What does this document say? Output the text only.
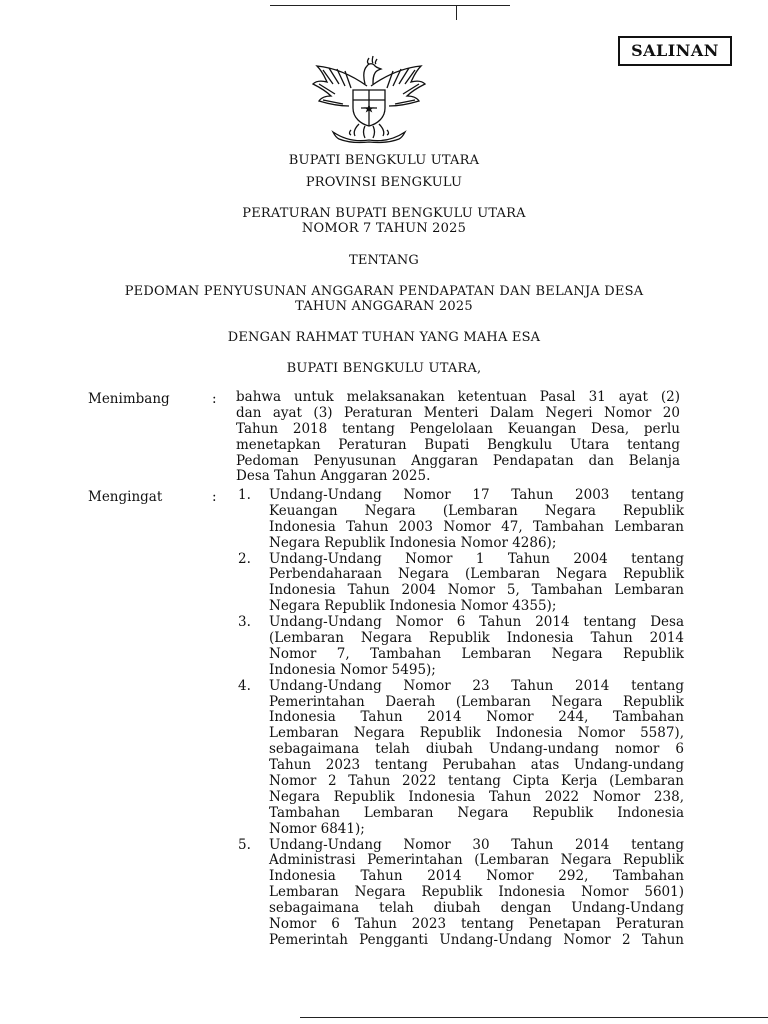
SALINAN
BUPATI BENGKULU UTARA
PROVINSI BENGKULU
PERATURAN BUPATI BENGKULU UTARA
NOMOR 7 TAHUN 2025
TENTANG
PEDOMAN PENYUSUNAN ANGGARAN PENDAPATAN DAN BELANJA DESA
TAHUN ANGGARAN 2025
DENGAN RAHMAT TUHAN YANG MAHA ESA
BUPATI BENGKULU UTARA,
Menimbang	: bahwa untuk melaksanakan ketentuan Pasal 31 ayat (2)
dan ayat (3) Peraturan Menteri Dalam Negeri Nomor 20
Tahun 2018 tentang Pengelolaan Keuangan Desa, perlu
menetapkan Peraturan Bupati Bengkulu Utara tentang
Pedoman Penyusunan Anggaran Pendapatan dan Belanja
Desa Tahun Anggaran 2025.
Mengingat	: 1. Undang-Undang Nomor 17 Tahun 2003 tentang
Keuangan Negara (Lembaran Negara Republik
Indonesia Tahun 2003 Nomor 47, Tambahan Lembaran
Negara Republik Indonesia Nomor 4286);
2. Undang-Undang Nomor 1 Tahun 2004 tentang
Perbendaharaan Negara (Lembaran Negara Republik
Indonesia Tahun 2004 Nomor 5, Tambahan Lembaran
Negara Republik Indonesia Nomor 4355);
3. Undang-Undang Nomor 6 Tahun 2014 tentang Desa
(Lembaran Negara Republik Indonesia Tahun 2014
Nomor 7, Tambahan Lembaran Negara Republik
Indonesia Nomor 5495);
4. Undang-Undang Nomor 23 Tahun 2014 tentang
Pemerintahan Daerah (Lembaran Negara Republik
Indonesia Tahun 2014 Nomor 244, Tambahan
Lembaran Negara Republik Indonesia Nomor 5587),
sebagaimana telah diubah Undang-undang nomor 6
Tahun 2023 tentang Perubahan atas Undang-undang
Nomor 2 Tahun 2022 tentang Cipta Kerja (Lembaran
Negara Republik Indonesia Tahun 2022 Nomor 238,
Tambahan Lembaran Negara Republik Indonesia
Nomor 6841);
5. Undang-Undang Nomor 30 Tahun 2014 tentang
Administrasi Pemerintahan (Lembaran Negara Republik
Indonesia Tahun 2014 Nomor 292, Tambahan
Lembaran Negara Republik Indonesia Nomor 5601)
sebagaimana telah diubah dengan Undang-Undang
Nomor 6 Tahun 2023 tentang Penetapan Peraturan
Pemerintah Pengganti Undang-Undang Nomor 2 Tahun
